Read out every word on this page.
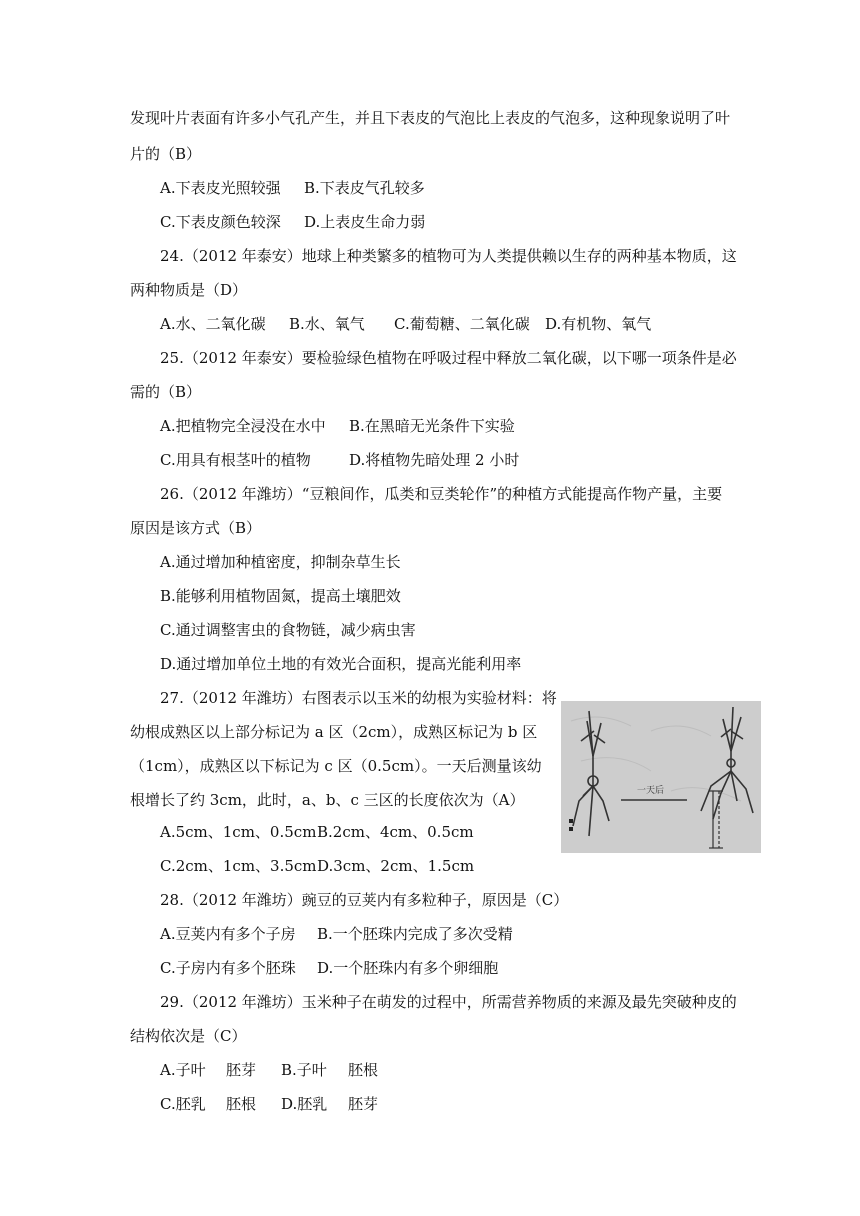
发现叶片表面有许多小气孔产生，并且下表皮的气泡比上表皮的气泡多，这种现象说明了叶
片的（B）
A.下表皮光照较强 B.下表皮气孔较多
C.下表皮颜色较深 D.上表皮生命力弱
24.（2012 年泰安）地球上种类繁多的植物可为人类提供赖以生存的两种基本物质，这
两种物质是（D）
A.水、二氧化碳 B.水、氧气 C.葡萄糖、二氧化碳 D.有机物、氧气
25.（2012 年泰安）要检验绿色植物在呼吸过程中释放二氧化碳，以下哪一项条件是必
需的（B）
A.把植物完全浸没在水中 B.在黑暗无光条件下实验
C.用具有根茎叶的植物	D.将植物先暗处理 2 小时
26.（2012 年潍坊）“豆粮间作，瓜类和豆类轮作”的种植方式能提高作物产量，主要
原因是该方式（B）
A.通过增加种植密度，抑制杂草生长
B.能够利用植物固氮，提高土壤肥效
C.通过调整害虫的食物链，减少病虫害
D.通过增加单位土地的有效光合面积，提高光能利用率
27.（2012 年潍坊）右图表示以玉米的幼根为实验材料：将
幼根成熟区以上部分标记为 a 区（2cm），成熟区标记为 b 区
（1cm），成熟区以下标记为 c 区（0.5cm）。一天后测量该幼
根增长了约 3cm，此时，a、b、c 三区的长度依次为（A）
A.5cm、1cm、0.5cm B.2cm、4cm、0.5cm
C.2cm、1cm、3.5cm D.3cm、2cm、1.5cm
一天后
28.（2012 年潍坊）豌豆的豆荚内有多粒种子，原因是（C）
A.豆荚内有多个子房 B.一个胚珠内完成了多次受精
C.子房内有多个胚珠 D.一个胚珠内有多个卵细胞
29.（2012 年潍坊）玉米种子在萌发的过程中，所需营养物质的来源及最先突破种皮的
结构依次是（C）
A.子叶 胚芽 B.子叶 胚根
C.胚乳 胚根 D.胚乳 胚芽
